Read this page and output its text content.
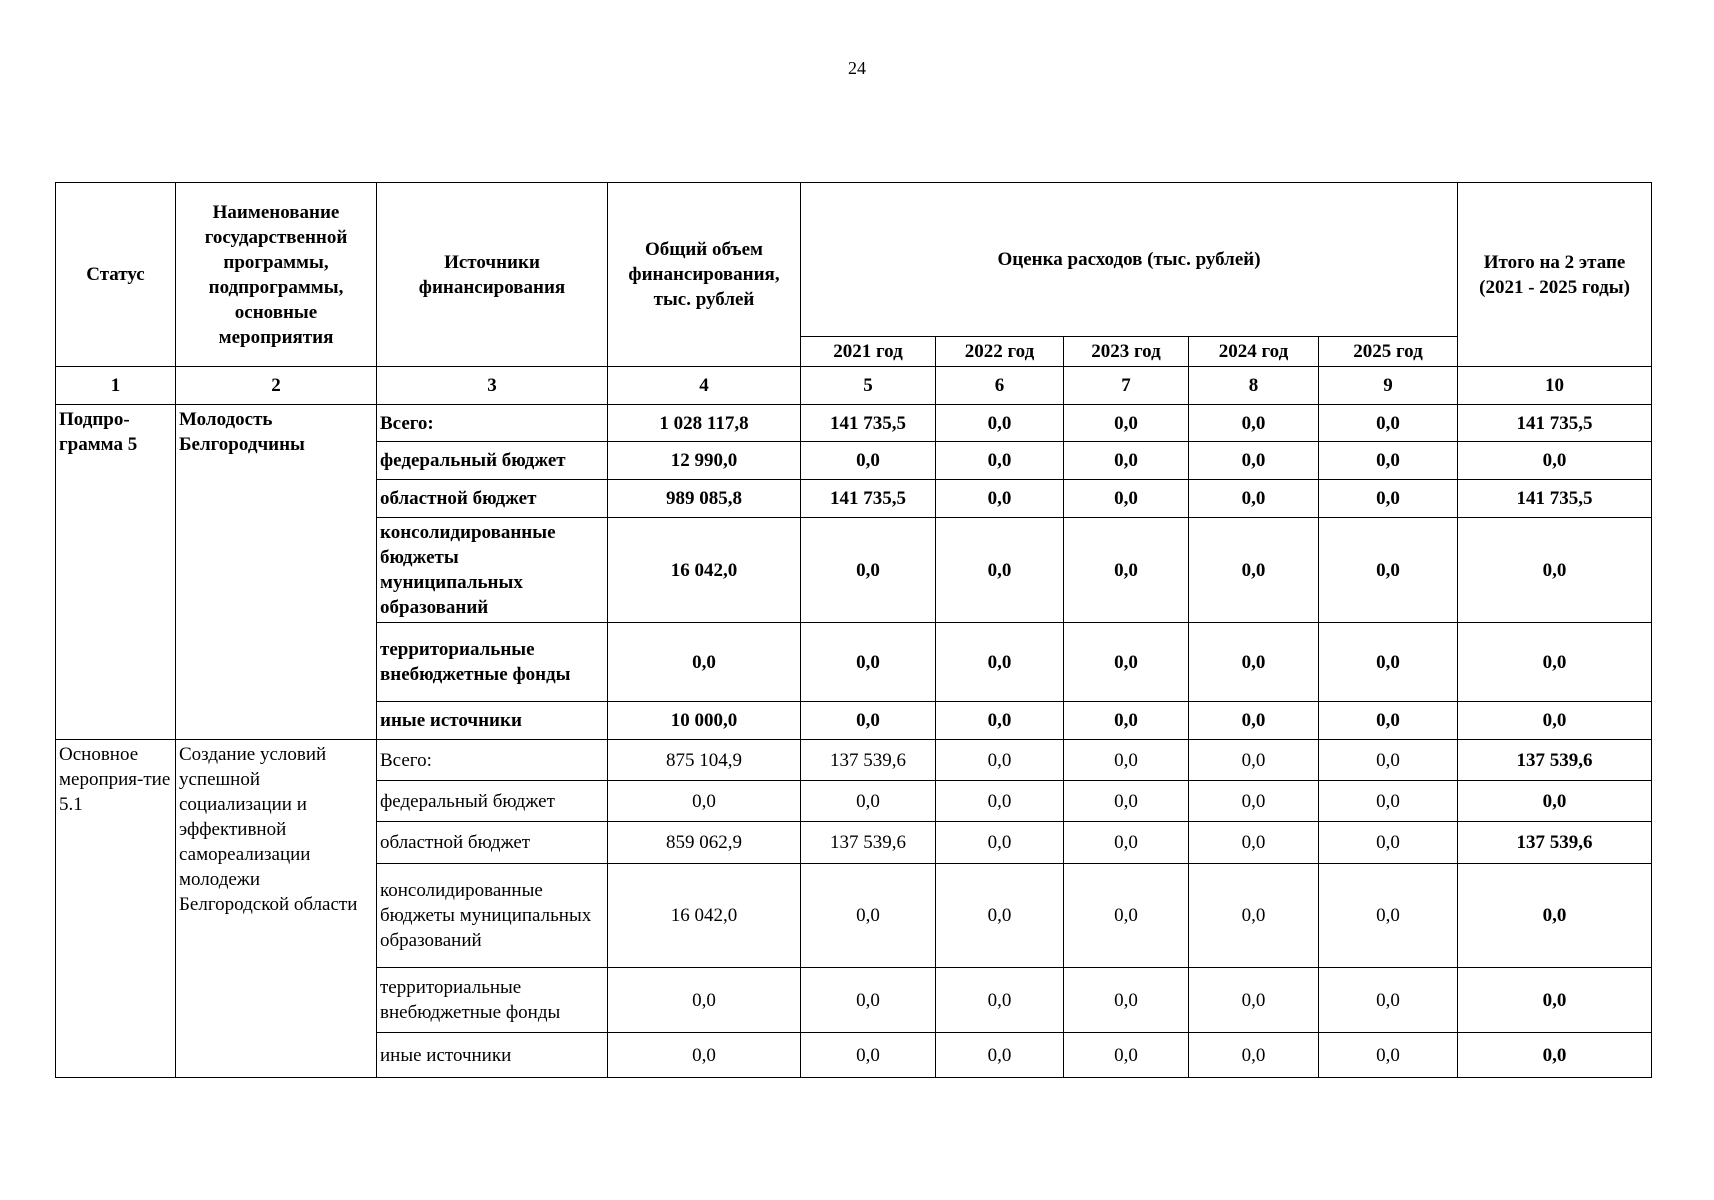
24
Статус	Наименование государственной программы, подпрограммы, основные мероприятия	Источники финансирования	Общий объем финансирования, тыс. рублей	Оценка расходов (тыс. рублей)					Итого на 2 этапе (2021 - 2025 годы)
				2021 год	2022 год	2023 год	2024 год	2025 год	
1	2	3	4	5	6	7	8	9	10
Подпро-грамма 5	Молодость Белгородчины	Всего:	1 028 117,8	141 735,5	0,0	0,0	0,0	0,0	141 735,5
		федеральный бюджет	12 990,0	0,0	0,0	0,0	0,0	0,0	0,0
		областной бюджет	989 085,8	141 735,5	0,0	0,0	0,0	0,0	141 735,5
		консолидированные бюджеты муниципальных образований	16 042,0	0,0	0,0	0,0	0,0	0,0	0,0
		территориальные внебюджетные фонды	0,0	0,0	0,0	0,0	0,0	0,0	0,0
		иные источники	10 000,0	0,0	0,0	0,0	0,0	0,0	0,0
Основное мероприя-тие 5.1	Создание условий успешной социализации и эффективной самореализации молодежи Белгородской области	Всего:	875 104,9	137 539,6	0,0	0,0	0,0	0,0	137 539,6
		федеральный бюджет	0,0	0,0	0,0	0,0	0,0	0,0	0,0
		областной бюджет	859 062,9	137 539,6	0,0	0,0	0,0	0,0	137 539,6
		консолидированные бюджеты муниципальных образований	16 042,0	0,0	0,0	0,0	0,0	0,0	0,0
		территориальные внебюджетные фонды	0,0	0,0	0,0	0,0	0,0	0,0	0,0
		иные источники	0,0	0,0	0,0	0,0	0,0	0,0	0,0
